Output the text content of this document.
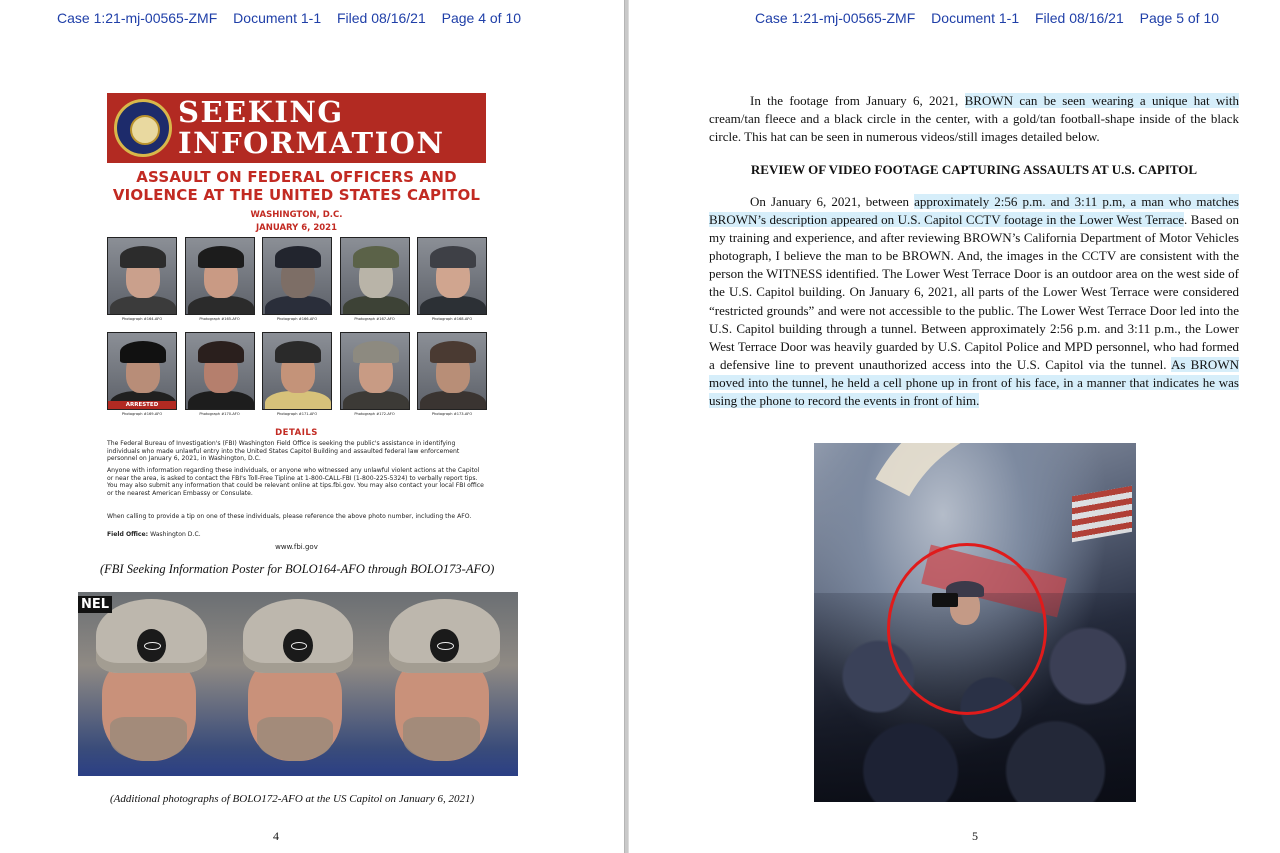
Case 1:21-mj-00565-ZMF Document 1-1 Filed 08/16/21 Page 4 of 10
SEEKING
INFORMATION
ASSAULT ON FEDERAL OFFICERS AND
VIOLENCE AT THE UNITED STATES CAPITOL
WASHINGTON, D.C.
JANUARY 6, 2021
Photograph #164-AFO	Photograph #165-AFO	Photograph #166-AFO	Photograph #167-AFO	Photograph #168-AFO
ARRESTED
Photograph #169-AFO	Photograph #170-AFO	Photograph #171-AFO	Photograph #172-AFO	Photograph #173-AFO
DETAILS
The Federal Bureau of Investigation's (FBI) Washington Field Office is seeking the public's assistance in identifying individuals who made unlawful entry into the United States Capitol Building and assaulted federal law enforcement personnel on January 6, 2021, in Washington, D.C.
Anyone with information regarding these individuals, or anyone who witnessed any unlawful violent actions at the Capitol or near the area, is asked to contact the FBI's Toll-Free Tipline at 1-800-CALL-FBI (1-800-225-5324) to verbally report tips. You may also submit any information that could be relevant online at tips.fbi.gov. You may also contact your local FBI office or the nearest American Embassy or Consulate.
When calling to provide a tip on one of these individuals, please reference the above photo number, including the AFO.
Field Office: Washington D.C.
www.fbi.gov
(FBI Seeking Information Poster for BOLO164-AFO through BOLO173-AFO)
NEL
(Additional photographs of BOLO172-AFO at the US Capitol on January 6, 2021)
4
Case 1:21-mj-00565-ZMF Document 1-1 Filed 08/16/21 Page 5 of 10

In the footage from January 6, 2021, BROWN can be seen wearing a unique hat with cream/tan fleece and a black circle in the center, with a gold/tan football-shape inside of the black circle. This hat can be seen in numerous videos/still images detailed below.

REVIEW OF VIDEO FOOTAGE CAPTURING ASSAULTS AT U.S. CAPITOL

On January 6, 2021, between approximately 2:56 p.m. and 3:11 p.m, a man who matches BROWN’s description appeared on U.S. Capitol CCTV footage in the Lower West Terrace. Based on my training and experience, and after reviewing BROWN’s California Department of Motor Vehicles photograph, I believe the man to be BROWN. And, the images in the CCTV are consistent with the person the WITNESS identified. The Lower West Terrace Door is an outdoor area on the west side of the U.S. Capitol building. On January 6, 2021, all parts of the Lower West Terrace were considered “restricted grounds” and were not accessible to the public. The Lower West Terrace Door led into the U.S. Capitol building through a tunnel. Between approximately 2:56 p.m. and 3:11 p.m., the Lower West Terrace Door was heavily guarded by U.S. Capitol Police and MPD personnel, who had formed a defensive line to prevent unauthorized access into the U.S. Capitol via the tunnel. As BROWN moved into the tunnel, he held a cell phone up in front of his face, in a manner that indicates he was using the phone to record the events in front of him.

5
